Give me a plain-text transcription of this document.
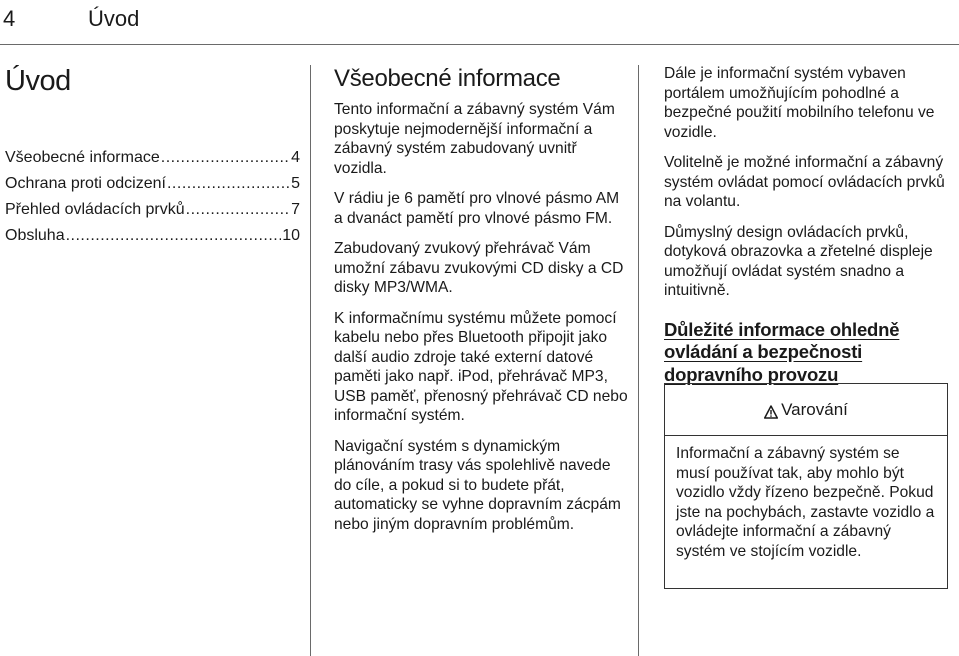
4	Úvod
Úvod
Všeobecné informace .....	4
Ochrana proti odcizení .....	5
Přehled ovládacích prvků .....	7
Obsluha .....	10
Všeobecné informace

Tento informační a zábavný systém Vám poskytuje nejmodernější informační a zábavný systém zabudovaný uvnitř vozidla.

V rádiu je 6 pamětí pro vlnové pásmo AM a dvanáct pamětí pro vlnové pásmo FM.

Zabudovaný zvukový přehrávač Vám umožní zábavu zvukovými CD disky a CD disky MP3/WMA.

K informačnímu systému můžete pomocí kabelu nebo přes Bluetooth připojit jako další audio zdroje také externí datové paměti jako např. iPod, přehrávač MP3, USB paměť, přenosný přehrávač CD nebo informační systém.

Navigační systém s dynamickým plánováním trasy vás spolehlivě navede do cíle, a pokud si to budete přát, automaticky se vyhne dopravním zácpám nebo jiným dopravním problémům.

Dále je informační systém vybaven portálem umožňujícím pohodlné a bezpečné použití mobilního telefonu ve vozidle.

Volitelně je možné informační a zábavný systém ovládat pomocí ovládacích prvků na volantu.

Důmyslný design ovládacích prvků, dotyková obrazovka a zřetelné displeje umožňují ovládat systém snadno a intuitivně.

Důležité informace ohledně ovládání a bezpečnosti dopravního provozu
Varování
Informační a zábavný systém se musí používat tak, aby mohlo být vozidlo vždy řízeno bezpečně. Pokud jste na pochybách, zastavte vozidlo a ovládejte informační a zábavný systém ve stojícím vozidle.
